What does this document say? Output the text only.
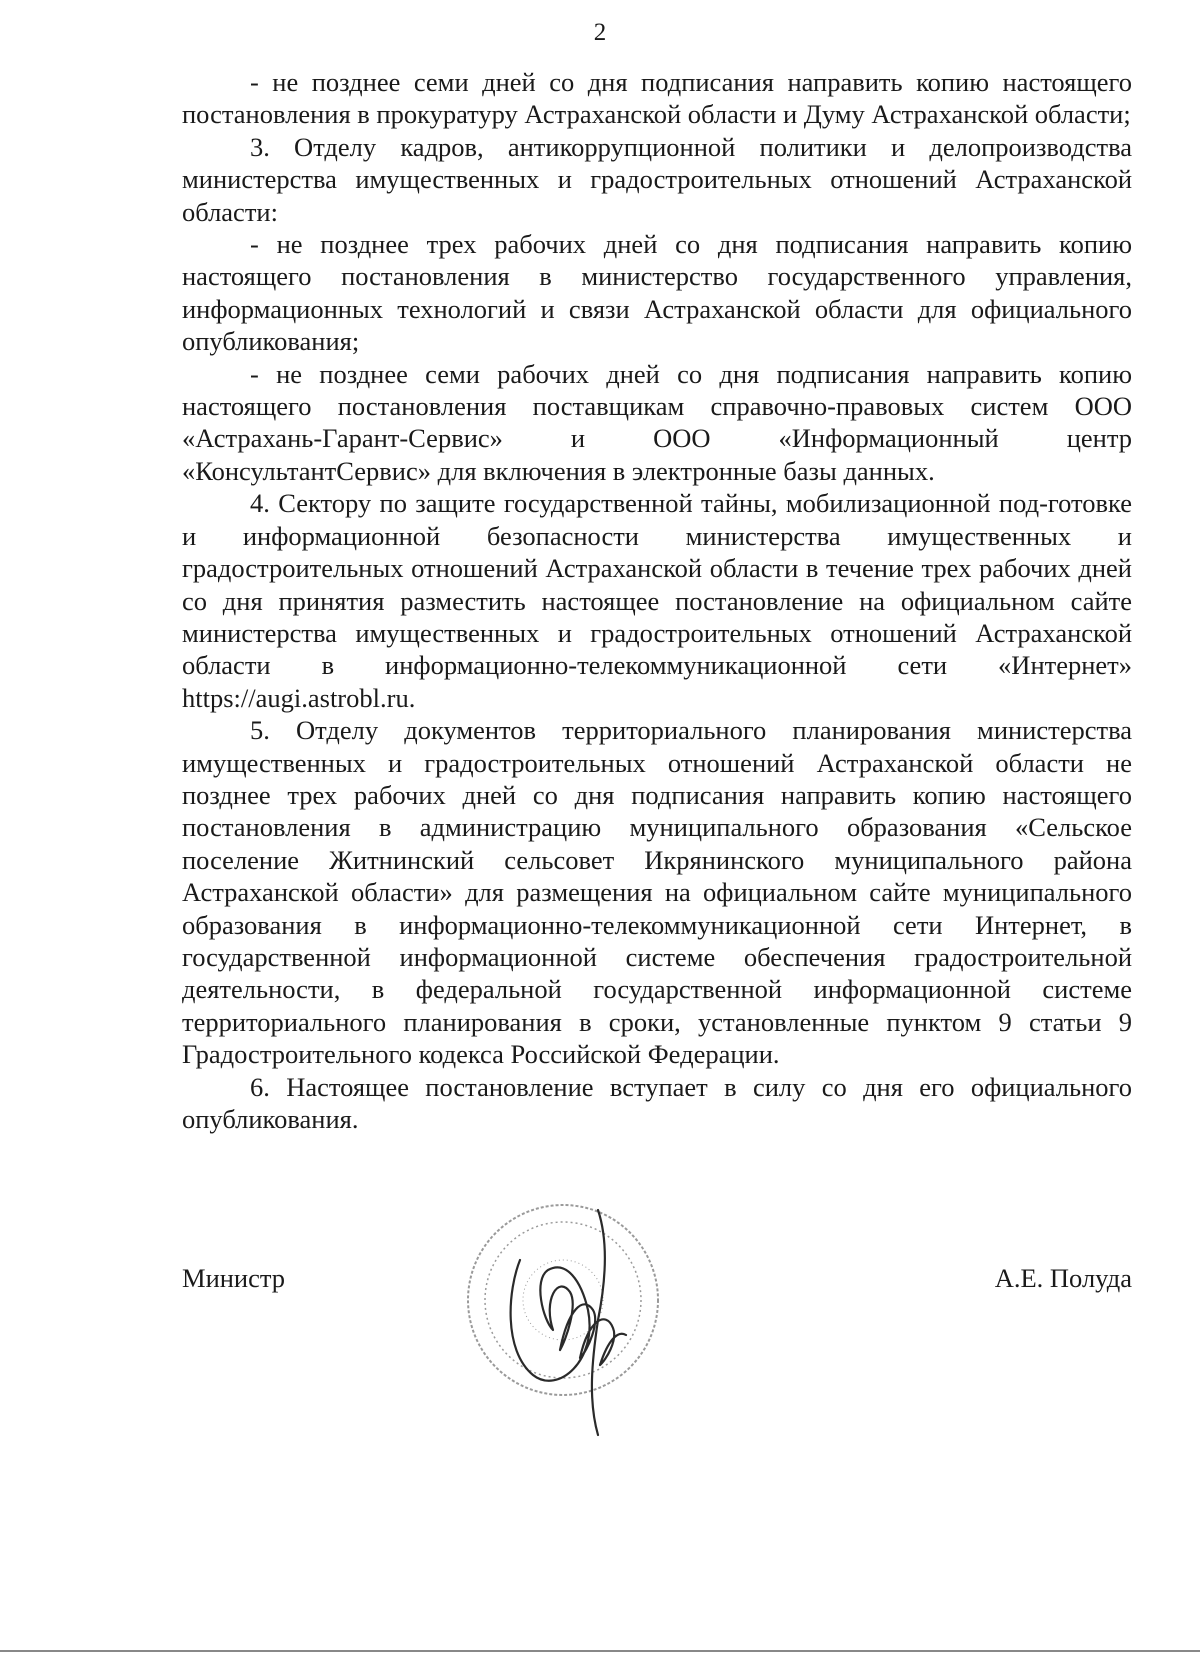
2

- не позднее семи дней со дня подписания направить копию настоящего постановления в прокуратуру Астраханской области и Думу Астраханской области;

3. Отделу кадров, антикоррупционной политики и делопроизводства министерства имущественных и градостроительных отношений Астраханской области:

- не позднее трех рабочих дней со дня подписания направить копию настоящего постановления в министерство государственного управления, информационных технологий и связи Астраханской области для официального опубликования;

- не позднее семи рабочих дней со дня подписания направить копию настоящего постановления поставщикам справочно-правовых систем ООО «Астрахань-Гарант-Сервис» и ООО «Информационный центр «КонсультантСервис» для включения в электронные базы данных.

4. Сектору по защите государственной тайны, мобилизационной под-готовке и информационной безопасности министерства имущественных и градостроительных отношений Астраханской области в течение трех рабочих дней со дня принятия разместить настоящее постановление на официальном сайте министерства имущественных и градостроительных отношений Астраханской области в информационно-телекоммуникационной сети «Интернет» https://augi.astrobl.ru.

5. Отделу документов территориального планирования министерства имущественных и градостроительных отношений Астраханской области не позднее трех рабочих дней со дня подписания направить копию настоящего постановления в администрацию муниципального образования «Сельское поселение Житнинский сельсовет Икрянинского муниципального района Астраханской области» для размещения на официальном сайте муниципального образования в информационно-телекоммуникационной сети Интернет, в государственной информационной системе обеспечения градостроительной деятельности, в федеральной государственной информационной системе территориального планирования в сроки, установленные пунктом 9 статьи 9 Градостроительного кодекса Российской Федерации.

6. Настоящее постановление вступает в силу со дня его официального опубликования.

Министр	А.Е. Полуда
